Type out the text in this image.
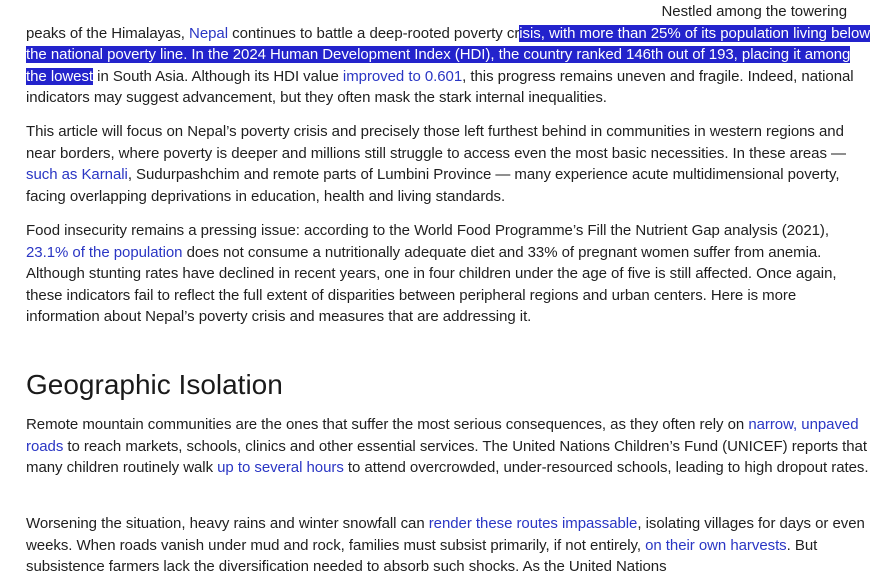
Nestled among the towering
peaks of the Himalayas, Nepal continues to battle a deep-rooted poverty crisis, with more than 25% of its population living below the national poverty line. In the 2024 Human Development Index (HDI), the country ranked 146th out of 193, placing it among the lowest in South Asia. Although its HDI value improved to 0.601, this progress remains uneven and fragile. Indeed, national indicators may suggest advancement, but they often mask the stark internal inequalities.

This article will focus on Nepal’s poverty crisis and precisely those left furthest behind in communities in western regions and near borders, where poverty is deeper and millions still struggle to access even the most basic necessities. In these areas — such as Karnali, Sudurpashchim and remote parts of Lumbini Province — many experience acute multidimensional poverty, facing overlapping deprivations in education, health and living standards.

Food insecurity remains a pressing issue: according to the World Food Programme’s Fill the Nutrient Gap analysis (2021), 23.1% of the population does not consume a nutritionally adequate diet and 33% of pregnant women suffer from anemia. Although stunting rates have declined in recent years, one in four children under the age of five is still affected. Once again, these indicators fail to reflect the full extent of disparities between peripheral regions and urban centers. Here is more information about Nepal’s poverty crisis and measures that are addressing it.

Geographic Isolation

Remote mountain communities are the ones that suffer the most serious consequences, as they often rely on narrow, unpaved roads to reach markets, schools, clinics and other essential services. The United Nations Children’s Fund (UNICEF) reports that many children routinely walk up to several hours to attend overcrowded, under-resourced schools, leading to high dropout rates.

Worsening the situation, heavy rains and winter snowfall can render these routes impassable, isolating villages for days or even weeks. When roads vanish under mud and rock, families must subsist primarily, if not entirely, on their own harvests. But subsistence farmers lack the diversification needed to absorb such shocks. As the United Nations
